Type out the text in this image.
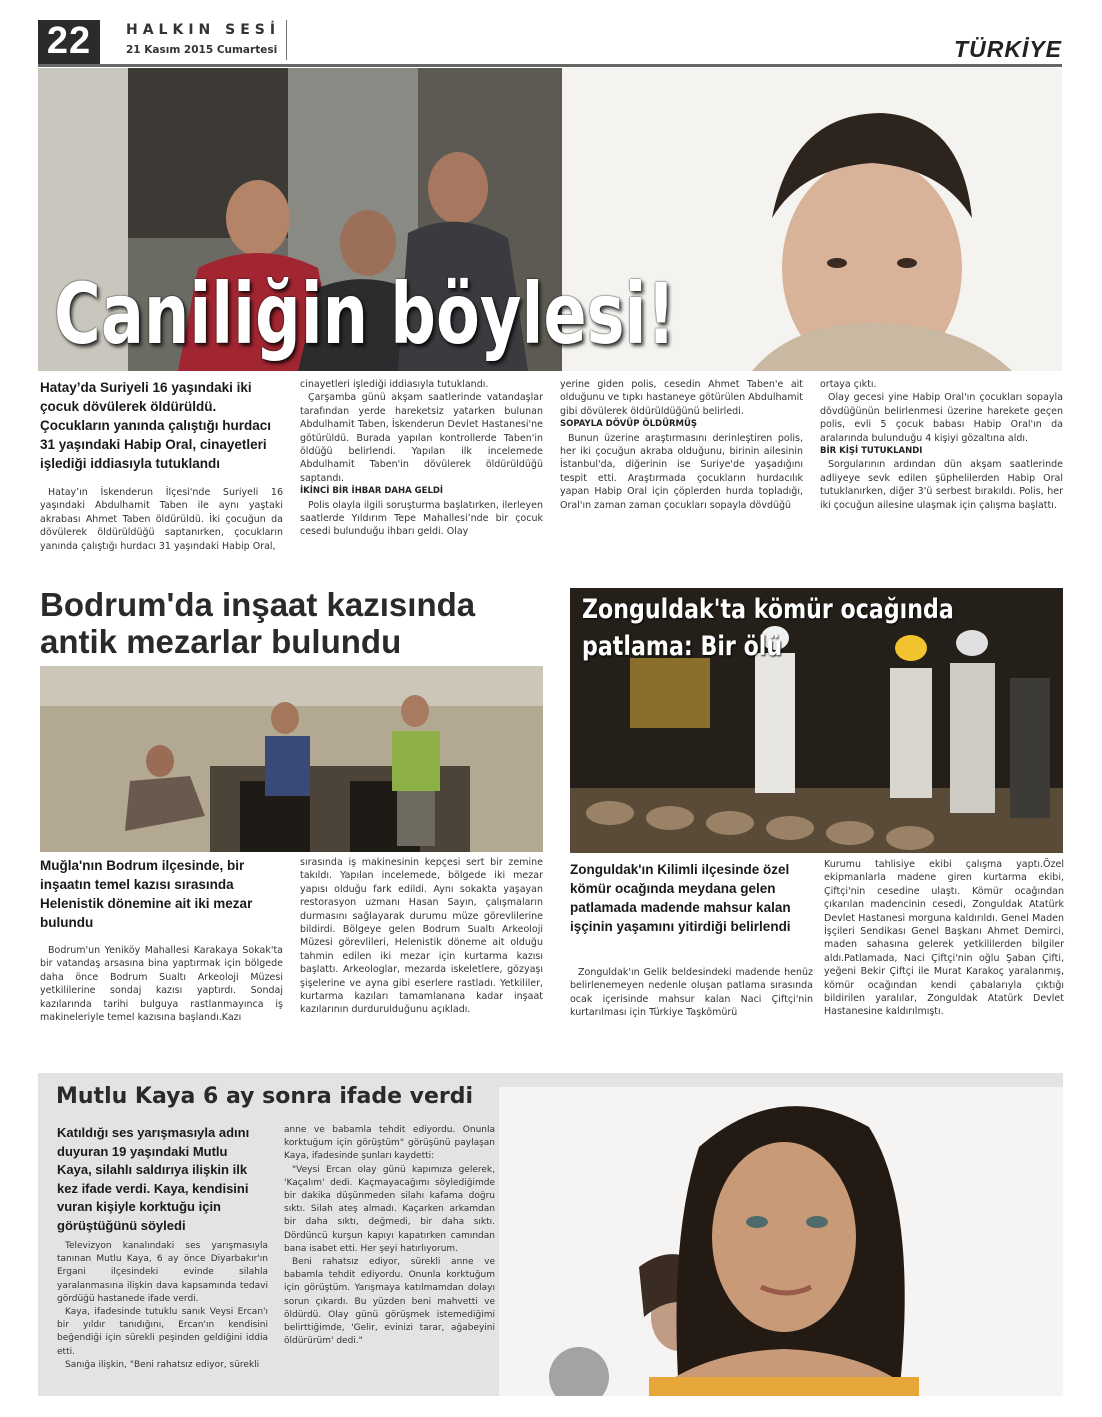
22	HALKIN SESİ
21 Kasım 2015 Cumartesi	TÜRKİYE
Caniliğin böylesi!
Hatay’da Suriyeli 16 yaşındaki iki çocuk dövülerek öldürüldü. Çocukların yanında çalıştığı hurdacı 31 yaşındaki Habip Oral, cinayetleri işlediği iddiasıyla tutuklandı

Hatay’ın İskenderun İlçesi'nde Suriyeli 16 yaşındaki Abdulhamit Taben ile aynı yaştaki akrabası Ahmet Taben öldürüldü. İki çocuğun da dövülerek öldürüldüğü saptanırken, çocukların yanında çalıştığı hurdacı 31 yaşındaki Habip Oral,

cinayetleri işlediği iddiasıyla tutuklandı.

Çarşamba günü akşam saatlerinde vatandaşlar tarafından yerde hareketsiz yatarken bulunan Abdulhamit Taben, İskenderun Devlet Hastanesi'ne götürüldü. Burada yapılan kontrollerde Taben'in öldüğü belirlendi. Yapılan ilk incelemede Abdulhamit Taben'in dövülerek öldürüldüğü saptandı.

İKİNCİ BİR İHBAR DAHA GELDİ

Polis olayla ilgili soruşturma başlatırken, ilerleyen saatlerde Yıldırım Tepe Mahallesi’nde bir çocuk cesedi bulunduğu ihbarı geldi. Olay

yerine giden polis, cesedin Ahmet Taben'e ait olduğunu ve tıpkı hastaneye götürülen Abdulhamit gibi dövülerek öldürüldüğünü belirledi.

SOPAYLA DÖVÜP ÖLDÜRMÜŞ

Bunun üzerine araştırmasını derinleştiren polis, her iki çocuğun akraba olduğunu, birinin ailesinin İstanbul'da, diğerinin ise Suriye'de yaşadığını tespit etti. Araştırmada çocukların hurdacılık yapan Habip Oral için çöplerden hurda topladığı, Oral'ın zaman zaman çocukları sopayla dövdüğü

ortaya çıktı.

Olay gecesi yine Habip Oral'ın çocukları sopayla dövdüğünün belirlenmesi üzerine harekete geçen polis, evli 5 çocuk babası Habip Oral'ın da aralarında bulunduğu 4 kişiyi gözaltına aldı.

BİR KİŞİ TUTUKLANDI

Sorgularının ardından dün akşam saatlerinde adliyeye sevk edilen şüphelilerden Habip Oral tutuklanırken, diğer 3'ü serbest bırakıldı. Polis, her iki çocuğun ailesine ulaşmak için çalışma başlattı.

Bodrum'da inşaat kazısında
antik mezarlar bulundu
Muğla'nın Bodrum ilçesinde, bir inşaatın temel kazısı sırasında Helenistik dönemine ait iki mezar bulundu

Bodrum'un Yeniköy Mahallesi Karakaya Sokak'ta bir vatandaş arsasına bina yaptırmak için bölgede daha önce Bodrum Sualtı Arkeoloji Müzesi yetkililerine sondaj kazısı yaptırdı. Sondaj kazılarında tarihi bulguya rastlanmayınca iş makineleriyle temel kazısına başlandı.Kazı

sırasında iş makinesinin kepçesi sert bir zemine takıldı. Yapılan incelemede, bölgede iki mezar yapısı olduğu fark edildi. Aynı sokakta yaşayan restorasyon uzmanı Hasan Sayın, çalışmaların durmasını sağlayarak durumu müze görevlilerine bildirdi. Bölgeye gelen Bodrum Sualtı Arkeoloji Müzesi görevlileri, Helenistik döneme ait olduğu tahmin edilen iki mezar için kurtarma kazısı başlattı. Arkeologlar, mezarda iskeletlere, gözyaşı şişelerine ve ayna gibi eserlere rastladı. Yetkililer, kurtarma kazıları tamamlanana kadar inşaat kazılarının durdurulduğunu açıkladı.

Zonguldak'ta kömür ocağında
patlama: Bir ölü
Zonguldak'ın Kilimli ilçesinde özel kömür ocağında meydana gelen patlamada madende mahsur kalan işçinin yaşamını yitirdiği belirlendi

Zonguldak'ın Gelik beldesindeki madende henüz belirlenemeyen nedenle oluşan patlama sırasında ocak içerisinde mahsur kalan Naci Çiftçi'nin kurtarılması için Türkiye Taşkömürü

Kurumu tahlisiye ekibi çalışma yaptı.Özel ekipmanlarla madene giren kurtarma ekibi, Çiftçi'nin cesedine ulaştı. Kömür ocağından çıkarılan madencinin cesedi, Zonguldak Atatürk Devlet Hastanesi morguna kaldırıldı. Genel Maden İşçileri Sendikası Genel Başkanı Ahmet Demirci, maden sahasına gelerek yetkililerden bilgiler aldı.Patlamada, Naci Çiftçi'nin oğlu Şaban Çifti, yeğeni Bekir Çiftçi ile Murat Karakoç yaralanmış, kömür ocağından kendi çabalarıyla çıktığı bildirilen yaralılar, Zonguldak Atatürk Devlet Hastanesine kaldırılmıştı.

Mutlu Kaya 6 ay sonra ifade verdi
Katıldığı ses yarışmasıyla adını duyuran 19 yaşındaki Mutlu Kaya, silahlı saldırıya ilişkin ilk kez ifade verdi. Kaya, kendisini vuran kişiyle korktuğu için görüştüğünü söyledi

Televizyon kanalındaki ses yarışmasıyla tanınan Mutlu Kaya, 6 ay önce Diyarbakır'ın Ergani ilçesindeki evinde silahla yaralanmasına ilişkin dava kapsamında tedavi gördüğü hastanede ifade verdi.

Kaya, ifadesinde tutuklu sanık Veysi Ercan'ı bir yıldır tanıdığını, Ercan'ın kendisini beğendiği için sürekli peşinden geldiğini iddia etti.

Sanığa ilişkin, "Beni rahatsız ediyor, sürekli

anne ve babamla tehdit ediyordu. Onunla korktuğum için görüştüm" görüşünü paylaşan Kaya, ifadesinde şunları kaydetti:

"Veysi Ercan olay günü kapımıza gelerek, 'Kaçalım' dedi. Kaçmayacağımı söylediğimde bir dakika düşünmeden silahı kafama doğru sıktı. Silah ateş almadı. Kaçarken arkamdan bir daha sıktı, değmedi, bir daha sıktı. Dördüncü kurşun kapıyı kapatırken camından bana isabet etti. Her şeyi hatırlıyorum.

Beni rahatsız ediyor, sürekli anne ve babamla tehdit ediyordu. Onunla korktuğum için görüştüm. Yarışmaya katılmamdan dolayı sorun çıkardı. Bu yüzden beni mahvetti ve öldürdü. Olay günü görüşmek istemediğimi belirttiğimde, 'Gelir, evinizi tarar, ağabeyini öldürürüm' dedi."
